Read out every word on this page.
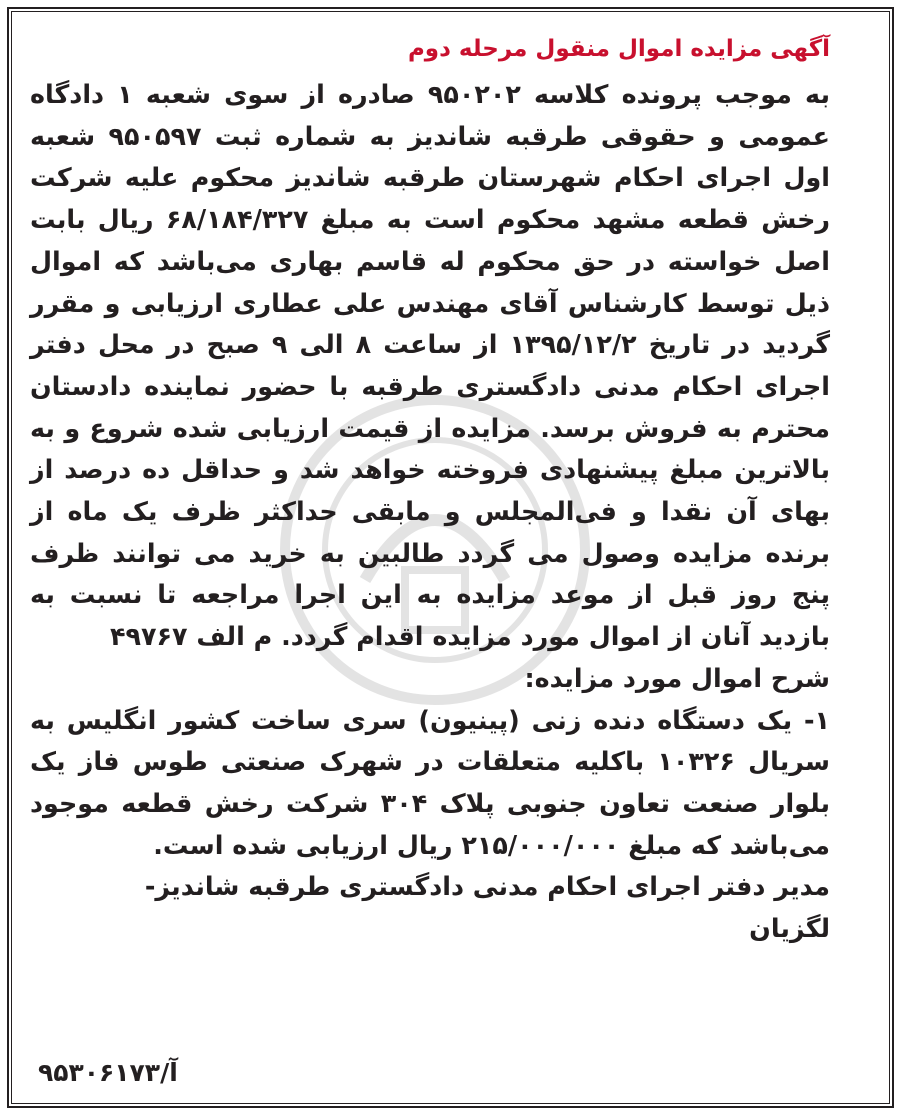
آگهی مزایده اموال منقول مرحله دوم

به موجب پرونده کلاسه ۹۵۰۲۰۲ صادره از سوی شعبه ۱ دادگاه عمومی و حقوقی طرقبه شاندیز به شماره ثبت ۹۵۰۵۹۷ شعبه اول اجرای احکام شهرستان طرقبه شاندیز محکوم علیه شرکت رخش قطعه مشهد محکوم است به مبلغ ۶۸/۱۸۴/۳۲۷ ریال بابت اصل خواسته در حق محکوم له قاسم بهاری می‌باشد که اموال ذیل توسط کارشناس آقای مهندس علی عطاری ارزیابی و مقرر گردید در تاریخ ۱۳۹۵/۱۲/۲ از ساعت ۸ الی ۹ صبح در محل دفتر اجرای احکام مدنی دادگستری طرقبه با حضور نماینده دادستان محترم به فروش برسد. مزایده از قیمت ارزیابی شده شروع و به بالاترین مبلغ پیشنهادی فروخته خواهد شد و حداقل ده درصد از بهای آن نقدا و فی‌المجلس و مابقی حداکثر ظرف یک ماه از برنده مزایده وصول می گردد طالبین به خرید می توانند ظرف پنج روز قبل از موعد مزایده به این اجرا مراجعه تا نسبت به بازدید آنان از اموال مورد مزایده اقدام گردد. م الف ۴۹۷۶۷

شرح اموال مورد مزایده:

۱- یک دستگاه دنده زنی (پینیون) سری ساخت کشور انگلیس به سریال ۱۰۳۲۶ باکلیه متعلقات در شهرک صنعتی طوس فاز یک بلوار صنعت تعاون جنوبی پلاک ۳۰۴ شرکت رخش قطعه موجود می‌باشد که مبلغ ۲۱۵/۰۰۰/۰۰۰ ریال ارزیابی شده است.

مدیر دفتر اجرای احکام مدنی دادگستری طرقبه شاندیز-

لگزیان

آ/۹۵۳۰۶۱۷۳
